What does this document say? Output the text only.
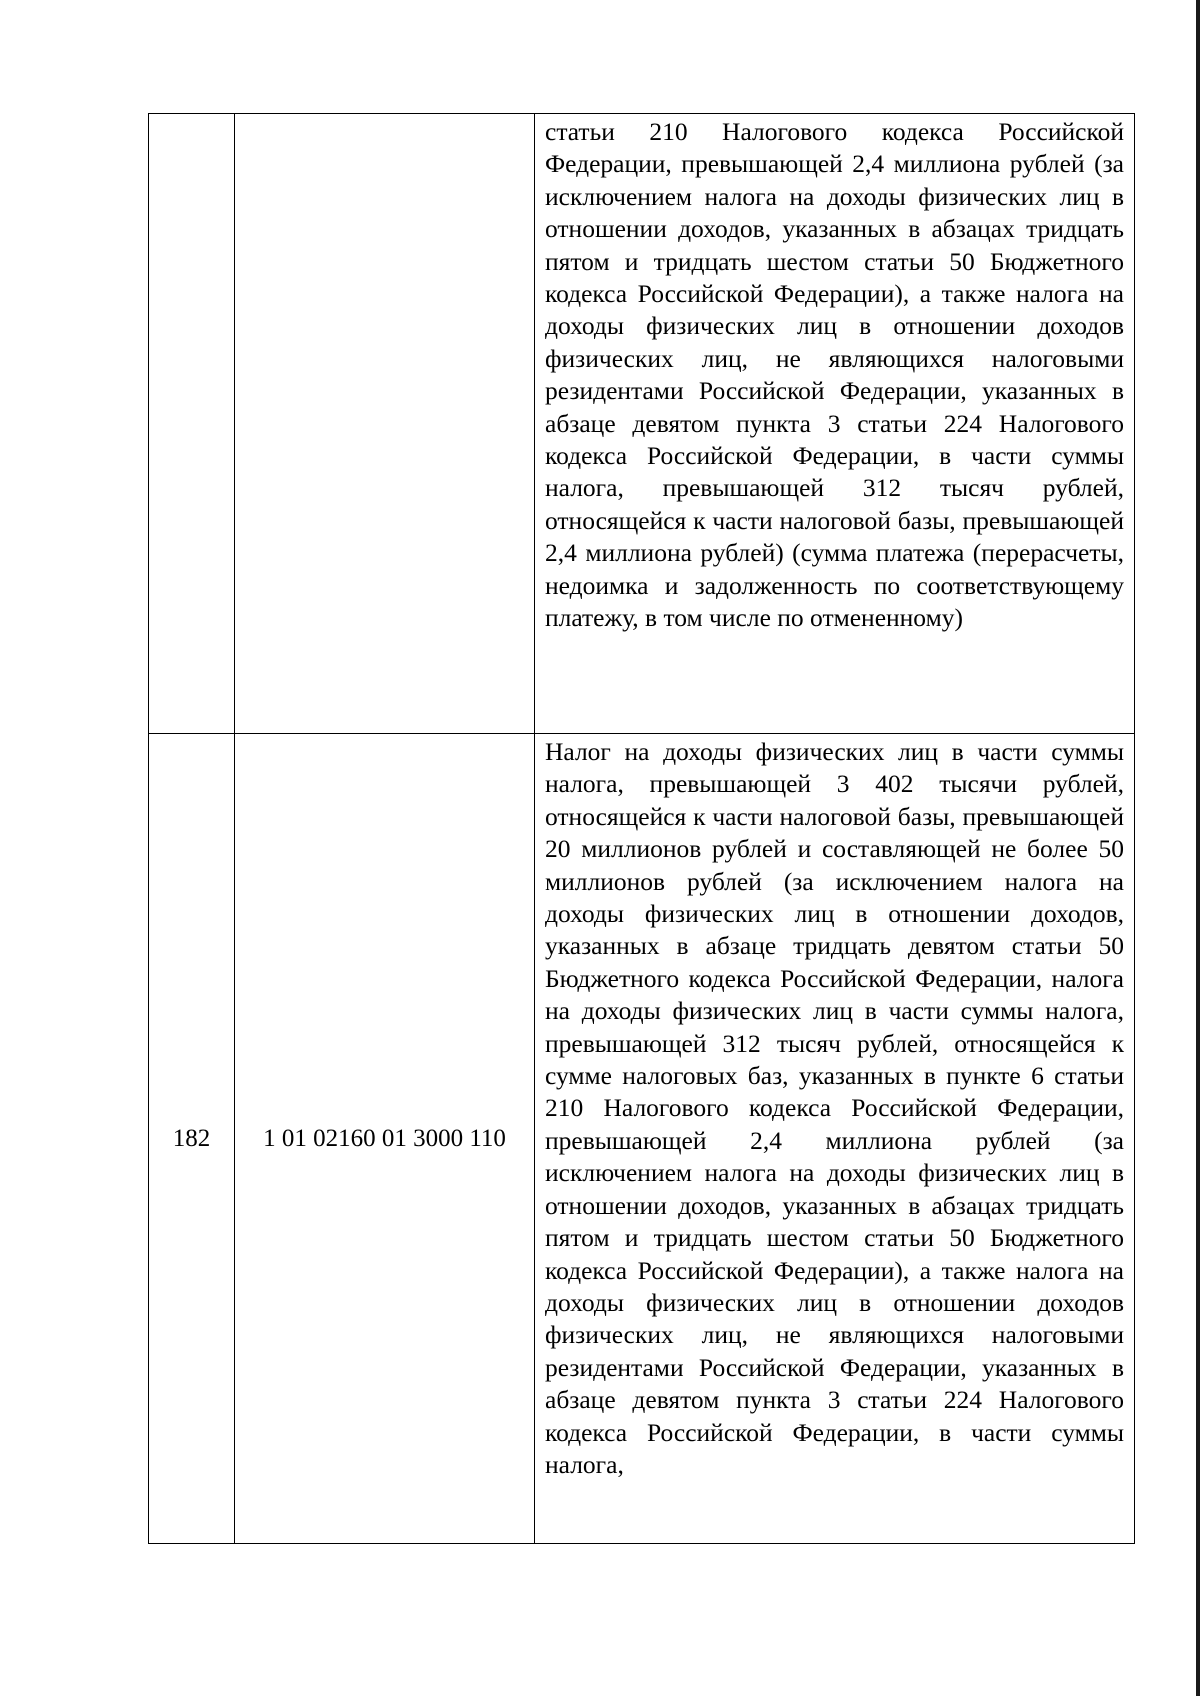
		статьи 210 Налогового кодекса Российской Федерации, превышающей 2,4 миллиона рублей (за исключением налога на доходы физических лиц в отношении доходов, указанных в абзацах тридцать пятом и тридцать шестом статьи 50 Бюджетного кодекса Российской Федерации), а также налога на доходы физических лиц в отношении доходов физических лиц, не являющихся налоговыми резидентами Российской Федерации, указанных в абзаце девятом пункта 3 статьи 224 Налогового кодекса Российской Федерации, в части суммы налога, превышающей 312 тысяч рублей, относящейся к части налоговой базы, превышающей 2,4 миллиона рублей) (сумма платежа (перерасчеты, недоимка и задолженность по соответствующему платежу, в том числе по отмененному)
182	1 01 02160 01 3000 110	Налог на доходы физических лиц в части суммы налога, превышающей 3 402 тысячи рублей, относящейся к части налоговой базы, превышающей 20 миллионов рублей и составляющей не более 50 миллионов рублей (за исключением налога на доходы физических лиц в отношении доходов, указанных в абзаце тридцать девятом статьи 50 Бюджетного кодекса Российской Федерации, налога на доходы физических лиц в части суммы налога, превышающей 312 тысяч рублей, относящейся к сумме налоговых баз, указанных в пункте 6 статьи 210 Налогового кодекса Российской Федерации, превышающей 2,4 миллиона рублей (за исключением налога на доходы физических лиц в отношении доходов, указанных в абзацах тридцать пятом и тридцать шестом статьи 50 Бюджетного кодекса Российской Федерации), а также налога на доходы физических лиц в отношении доходов физических лиц, не являющихся налоговыми резидентами Российской Федерации, указанных в абзаце девятом пункта 3 статьи 224 Налогового кодекса Российской Федерации, в части суммы налога,
